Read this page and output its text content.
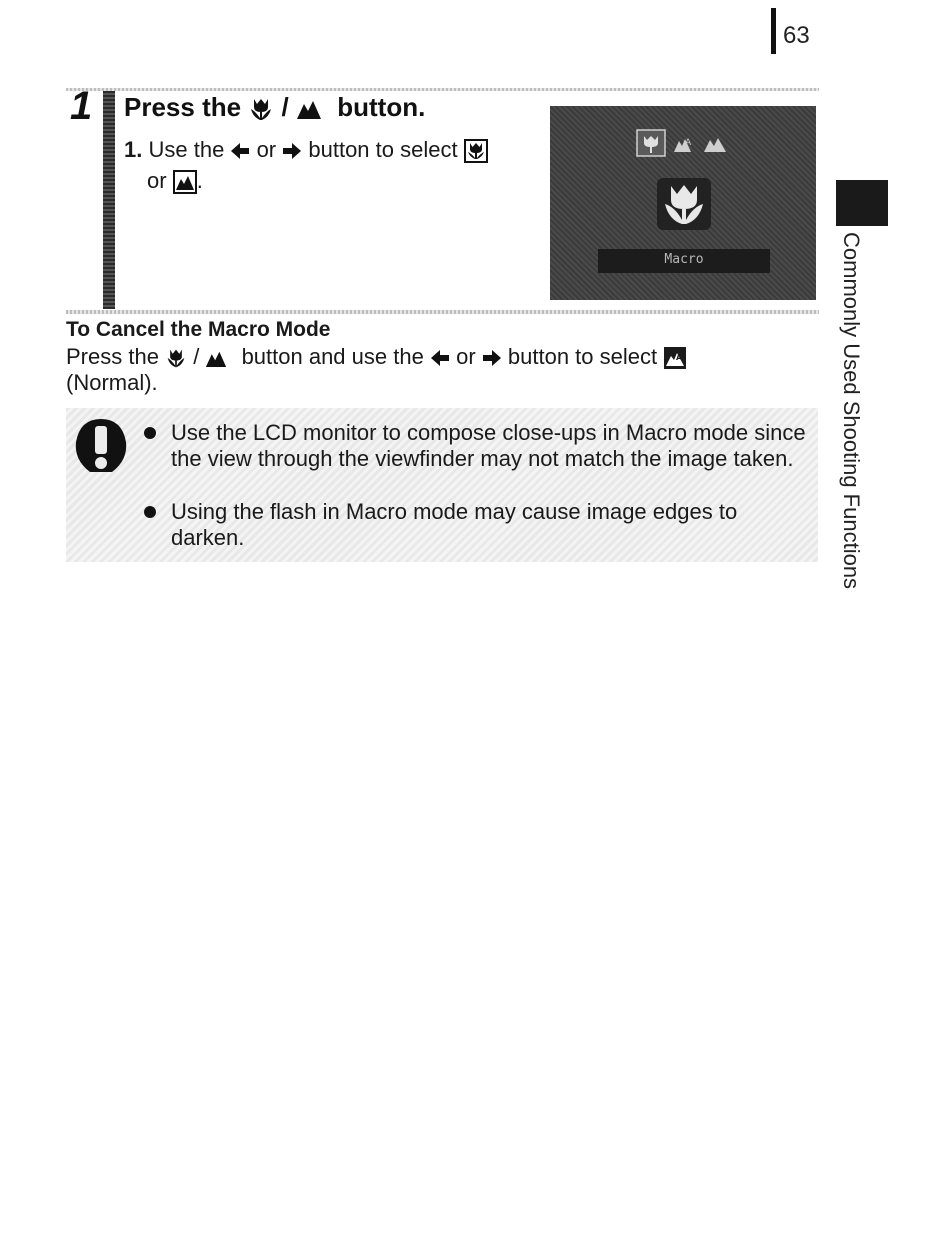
63
1 Press the / button.
1. Use the or button to select
or .
A
Macro
To Cancel the Macro Mode
Press the / button and use the or button to select A
(Normal).
Use the LCD monitor to compose close-ups in Macro mode since the view through the viewfinder may not match the image taken.
Using the flash in Macro mode may cause image edges to darken.	Commonly Used Shooting Functions
